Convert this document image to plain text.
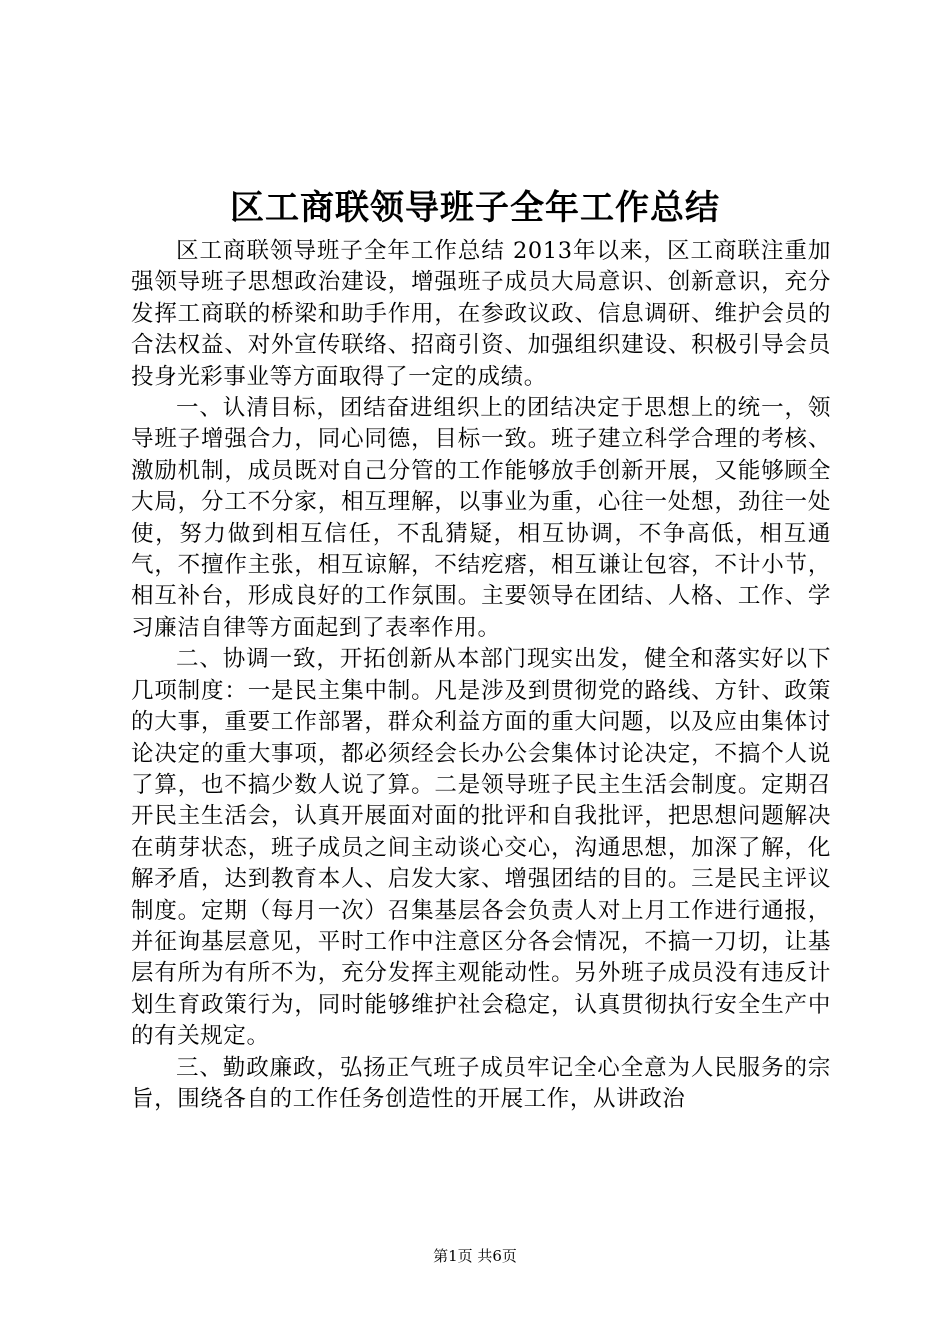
区工商联领导班子全年工作总结

区工商联领导班子全年工作总结 2013年以来，区工商联注重加强领导班子思想政治建设，增强班子成员大局意识、创新意识，充分发挥工商联的桥梁和助手作用，在参政议政、信息调研、维护会员的合法权益、对外宣传联络、招商引资、加强组织建设、积极引导会员投身光彩事业等方面取得了一定的成绩。

一、认清目标，团结奋进组织上的团结决定于思想上的统一，领导班子增强合力，同心同德，目标一致。班子建立科学合理的考核、激励机制，成员既对自己分管的工作能够放手创新开展，又能够顾全大局，分工不分家，相互理解，以事业为重，心往一处想，劲往一处使，努力做到相互信任，不乱猜疑，相互协调，不争高低，相互通气，不擅作主张，相互谅解，不结疙瘩，相互谦让包容，不计小节，相互补台，形成良好的工作氛围。主要领导在团结、人格、工作、学习廉洁自律等方面起到了表率作用。

二、协调一致，开拓创新从本部门现实出发，健全和落实好以下几项制度：一是民主集中制。凡是涉及到贯彻党的路线、方针、政策的大事，重要工作部署，群众利益方面的重大问题，以及应由集体讨论决定的重大事项，都必须经会长办公会集体讨论决定，不搞个人说了算，也不搞少数人说了算。二是领导班子民主生活会制度。定期召开民主生活会，认真开展面对面的批评和自我批评，把思想问题解决在萌芽状态，班子成员之间主动谈心交心，沟通思想，加深了解，化解矛盾，达到教育本人、启发大家、增强团结的目的。三是民主评议制度。定期（每月一次）召集基层各会负责人对上月工作进行通报，并征询基层意见，平时工作中注意区分各会情况，不搞一刀切，让基层有所为有所不为，充分发挥主观能动性。另外班子成员没有违反计划生育政策行为，同时能够维护社会稳定，认真贯彻执行安全生产中的有关规定。

三、勤政廉政，弘扬正气班子成员牢记全心全意为人民服务的宗旨，围绕各自的工作任务创造性的开展工作，从讲政治

第1页 共6页
